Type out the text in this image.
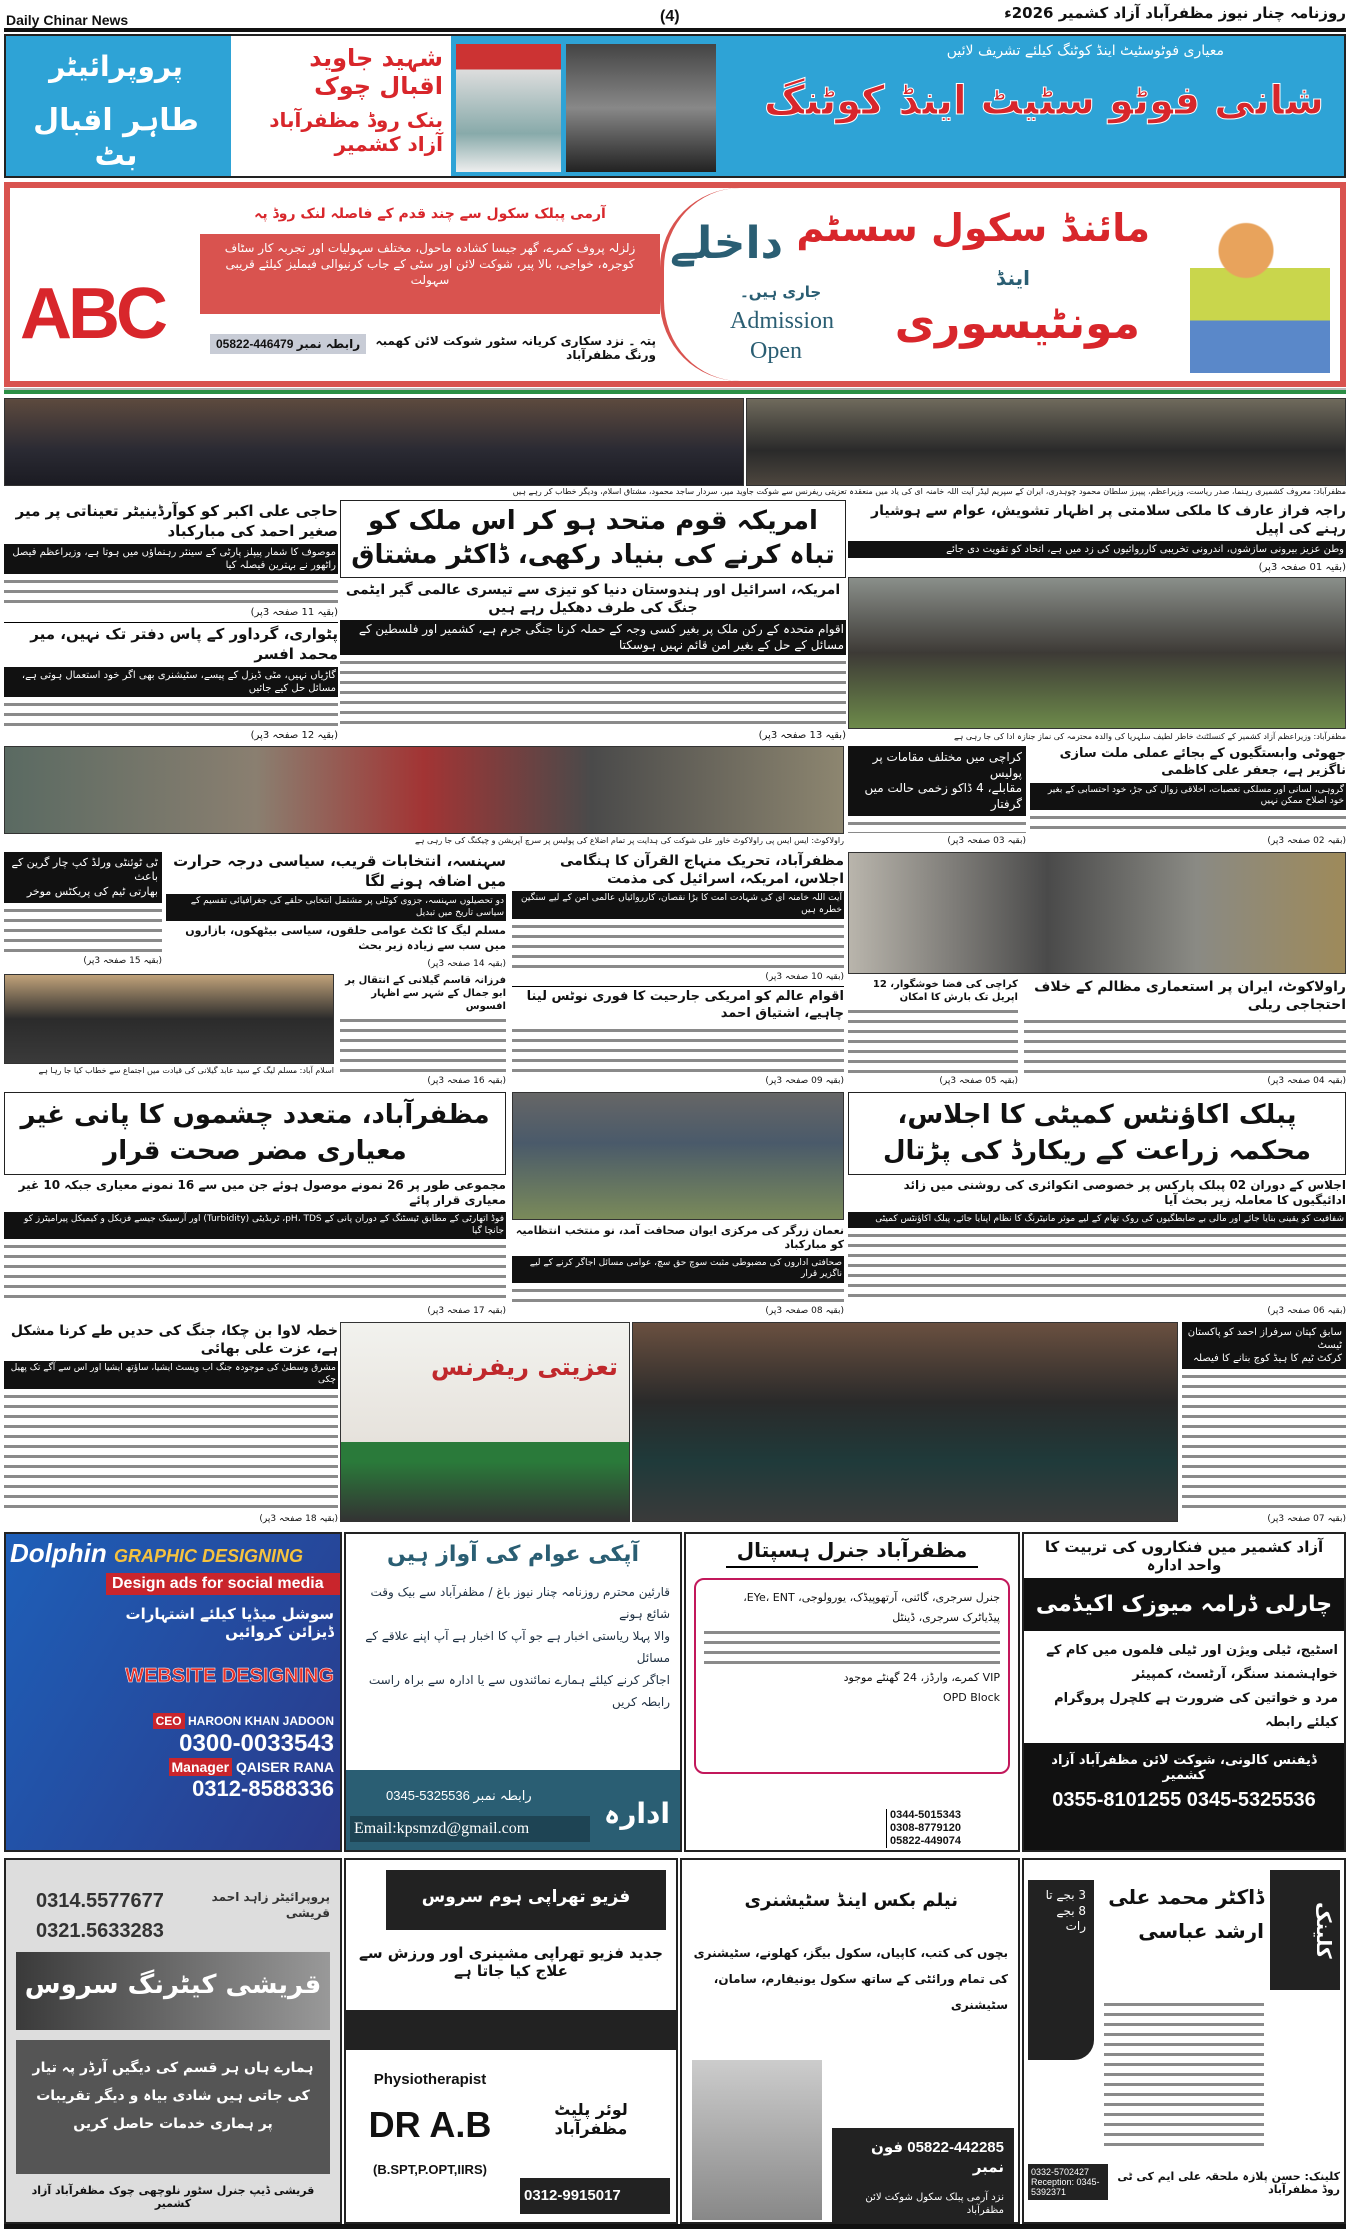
Daily Chinar News	(4)	روزنامہ چنار نیوز مظفرآباد آزاد کشمیر 2026ء
معیاری فوٹوسٹیٹ اینڈ کوٹنگ کیلئے تشریف لائیں
شانی فوٹو سٹیٹ اینڈ کوٹنگ
شہید جاوید اقبال چوک
بنک روڈ مظفرآباد آزاد کشمیر
پروپرائیٹر
طاہر اقبال بٹ
مائنڈ سکول سسٹم
اینڈ
مونٹیسوری
داخلے
جاری ہیں۔
Admission
Open
آرمی پبلک سکول سے چند قدم کے فاصلہ لنک روڈ پہ
زلزلہ پروف کمرے، گھر جیسا کشادہ ماحول، مختلف سہولیات اور تجربہ کار سٹاف
کوجرہ، خواجی، بالا پیر، شوکت لائن اور سٹی کے جاب کرنیوالی فیملیز کیلئے قریبی سہولت
پتہ ۔ نزد سکاری کریانہ سٹور شوکت لائن کھمبہ ورنگ مظفرآباد
05822-446479 رابطہ نمبر
ABC
مظفرآباد: معروف کشمیری رہنما، صدر ریاست، وزیراعظم، پیپرز سلطان محمود چوہدری، ایران کے سپریم لیڈر آیت اللہ خامنہ ای کی یاد میں منعقدہ تعزیتی ریفرنس سے شوکت جاوید میر، سردار ساجد محمود، مشتاق اسلام، ودیگر خطاب کر رہے ہیں
حاجی علی اکبر کو کوآرڈینیٹر تعیناتی پر میر صغیر احمد کی مبارکباد
موصوف کا شمار پیپلز پارٹی کے سینئر رہنماؤں میں ہوتا ہے، وزیراعظم فیصل راٹھور نے بہترین فیصلہ کیا
(بقیہ 11 صفحہ 3پر)
پٹواری، گرداور کے پاس دفتر تک نہیں، میر محمد افسر
گاڑیاں نہیں، مٹی ڈیزل کے پیسے، سٹیشنری بھی اگر خود استعمال ہوتی ہے، مسائل حل کیے جائیں
(بقیہ 12 صفحہ 3پر)
امریکہ قوم متحد ہو کر اس ملک کو تباہ کرنے کی بنیاد رکھی، ڈاکٹر مشتاق
امریکہ، اسرائیل اور ہندوستان دنیا کو تیزی سے تیسری عالمی گیر ایٹمی جنگ کی طرف دھکیل رہے ہیں
اقوام متحدہ کے رکن ملک پر بغیر کسی وجہ کے حملہ کرنا جنگی جرم ہے، کشمیر اور فلسطین کے مسائل کے حل کے بغیر امن قائم نہیں ہوسکتا
(بقیہ 13 صفحہ 3پر)
راجہ فراز عارف کا ملکی سلامتی پر اظہار تشویش، عوام سے ہوشیار رہنے کی اپیل
وطن عزیز بیرونی سازشوں، اندرونی تخریبی کارروائیوں کی زد میں ہے، اتحاد کو تقویت دی جائے
(بقیہ 01 صفحہ 3پر)
مظفرآباد: وزیراعظم آزاد کشمیر کے کنسلٹنٹ خاطر لطیف سلہریا کی والدہ محترمہ کی نماز جنازہ ادا کی جا رہی ہے
راولاکوٹ: ایس ایس پی راولاکوٹ خاور علی شوکت کی ہدایت پر تمام اضلاع کی پولیس پر سرچ آپریشن و چیکنگ کی جا رہی ہے
کراچی میں مختلف مقامات پر پولیس
مقابلے، 4 ڈاکو زخمی حالت میں گرفتار
(بقیہ 03 صفحہ 3پر)
جھوٹی وابستگیوں کے بجائے عملی ملت سازی ناگزیر ہے، جعفر علی کاظمی
گروہی، لسانی اور مسلکی تعصبات، اخلاقی زوال کی جڑ، خود احتسابی کے بغیر خود اصلاح ممکن نہیں
(بقیہ 02 صفحہ 3پر)
ٹی ٹوئنٹی ورلڈ کپ چار گرین کے باعث
بھارتی ٹیم کی پریکٹس موخر
(بقیہ 15 صفحہ 3پر)
سہنسہ، انتخابات قریب، سیاسی درجہ حرارت میں اضافہ ہونے لگا
دو تحصیلوں سہنسہ، جزوی کوٹلی پر مشتمل انتخابی حلقے کی جغرافیائی تقسیم کے سیاسی تاریخ میں تبدیل
مسلم لیگ کا ٹکٹ عوامی حلقوں، سیاسی بیٹھکوں، بازاروں میں سب سے زیادہ زیر بحث
(بقیہ 14 صفحہ 3پر)
اسلام آباد: مسلم لیگ کے سید عابد گیلانی کی قیادت میں اجتماع سے خطاب کیا جا رہا ہے
فرزانہ قاسم گیلانی کے انتقال پر ابو جمال کے شہر سے اظہار افسوس
(بقیہ 16 صفحہ 3پر)
مظفرآباد، تحریک منہاج القرآن کا ہنگامی اجلاس، امریکہ، اسرائیل کی مذمت
آیت اللہ خامنہ ای کی شہادت امت کا بڑا نقصان، کارروائیاں عالمی امن کے لیے سنگین خطرہ ہیں
(بقیہ 10 صفحہ 3پر)
اقوام عالم کو امریکی جارحیت کا فوری نوٹس لینا چاہیے، اشتیاق احمد
(بقیہ 09 صفحہ 3پر)
کراچی کی فضا خوشگوار، 12 اپریل تک بارش کا امکان
(بقیہ 05 صفحہ 3پر)
راولاکوٹ، ایران پر استعماری مظالم کے خلاف احتجاجی ریلی
(بقیہ 04 صفحہ 3پر)
مظفرآباد، متعدد چشموں کا پانی غیر معیاری مضر صحت قرار
مجموعی طور پر 26 نمونے موصول ہوئے جن میں سے 16 نمونے معیاری جبکہ 10 غیر معیاری قرار پائے
فوڈ اتھارٹی کے مطابق ٹیسٹنگ کے دوران پانی کے pH، TDS، ٹربڈیٹی (Turbidity) اور آرسینک جیسے فزیکل و کیمیکل پیرامیٹرز کو جانچا گیا
(بقیہ 17 صفحہ 3پر)
نعمان زرگر کی مرکزی ایوان صحافت آمد، نو منتخب انتظامیہ کو مبارکباد
صحافتی اداروں کی مضبوطی مثبت سوچ حق سچ، عوامی مسائل اجاگر کرنے کے لیے ناگزیر قرار
(بقیہ 08 صفحہ 3پر)
پبلک اکاؤنٹس کمیٹی کا اجلاس، محکمہ زراعت کے ریکارڈ کی پڑتال
اجلاس کے دوران 02 پبلک پارکس پر خصوصی انکوائری کی روشنی میں زائد ادائیگیوں کا معاملہ زیر بحث آیا
شفافیت کو یقینی بنایا جائے اور مالی بے ضابطگیوں کی روک تھام کے لیے موثر مانیٹرنگ کا نظام اپنایا جائے، پبلک اکاؤنٹس کمیٹی
(بقیہ 06 صفحہ 3پر)
خطہ لاوا بن چکا، جنگ کی حدیں طے کرنا مشکل ہے، عزت علی بھائی
مشرق وسطیٰ کی موجودہ جنگ اب ویسٹ ایشیا، ساؤتھ ایشیا اور اس سے آگے تک پھیل چکی
(بقیہ 18 صفحہ 3پر)
تعزیتی ریفرنس
سابق کپتان سرفراز احمد کو پاکستان ٹیسٹ
کرکٹ ٹیم کا ہیڈ کوچ بنانے کا فیصلہ
(بقیہ 07 صفحہ 3پر)
Dolphin GRAPHIC DESIGNING
Design ads for social media
سوشل میڈیا کیلئے اشتہارات ڈیزائن کروائیں
WEBSITE DESIGNING
CEO HAROON KHAN JADOON
0300-0033543
Manager QAISER RANA
0312-8588336
آپکی عوام کی آواز ہیں
قارئین محترم روزنامہ چنار نیوز باغ / مظفرآباد سے بیک وقت شائع ہونے
والا پہلا ریاستی اخبار ہے جو آپ کا اخبار ہے آپ اپنے علاقے کے مسائل
اجاگر کرنے کیلئے ہمارے نمائندوں سے یا ادارہ سے براہ راست رابطہ کریں
ادارہ
0345-5325536 رابطہ نمبر
Email:kpsmzd@gmail.com
مظفرآباد جنرل ہسپتال
جنرل سرجری، گائنی، آرتھوپیڈک، یورولوجی، EYe، ENT، پیڈیاٹرک سرجری، ڈینٹل
VIP کمرے، وارڈز، 24 گھنٹے موجود
OPD Block
0344-5015343
0308-8779120
05822-449074
آزاد کشمیر میں فنکاروں کی تربیت کا واحد ادارہ
چارلی ڈرامہ میوزک اکیڈمی
اسٹیج، ٹیلی ویژن اور ٹیلی فلموں میں کام کے خواہشمند سنگر، آرٹسٹ، کمپیئر
مرد و خواتین کی ضرورت ہے کلچرل پروگرام کیلئے رابطہ
ڈیفنس کالونی، شوکت لائن مظفرآباد آزاد کشمیر
0355-8101255 0345-5325536
0314.5577677
0321.5633283
پروپرائیٹر زاہد احمد قریشی
قریشی کیٹرنگ سروس
ہمارے ہاں ہر قسم کی دیگیں آرڈر پہ تیار کی جاتی ہیں شادی بیاہ و دیگر تقریبات پر ہماری خدمات حاصل کریں
قریشی ڈیپ جنرل سٹور نلوچھی چوک مظفرآباد آزاد کشمیر
فزیو تھراپی ہوم سروس
جدید فزیو تھراپی مشینری اور ورزش سے علاج کیا جاتا ہے
Physiotherapist
DR A.B
(B.SPT,P.OPT,IIRS)
لوئر پلیٹ مظفرآباد
0312-9915017
نیلم بکس اینڈ سٹیشنری
بچوں کی کتب، کاپیاں، سکول بیگز، کھلونے، سٹیشنری کی تمام ورائٹی کے ساتھ سکول یونیفارم، سامان، سٹیشنری
05822-442285 فون نمبر
نزد آرمی پبلک سکول شوکت لائن مظفرآباد
کلینک
ڈاکٹر محمد علی ارشد عباسی
3 بجے تا 8 بجے رات
0332-5702427
Reception: 0345-5392371
کلینک: حسن پلازہ ملحقہ علی ایم کی ٹی روڈ مظفرآباد
